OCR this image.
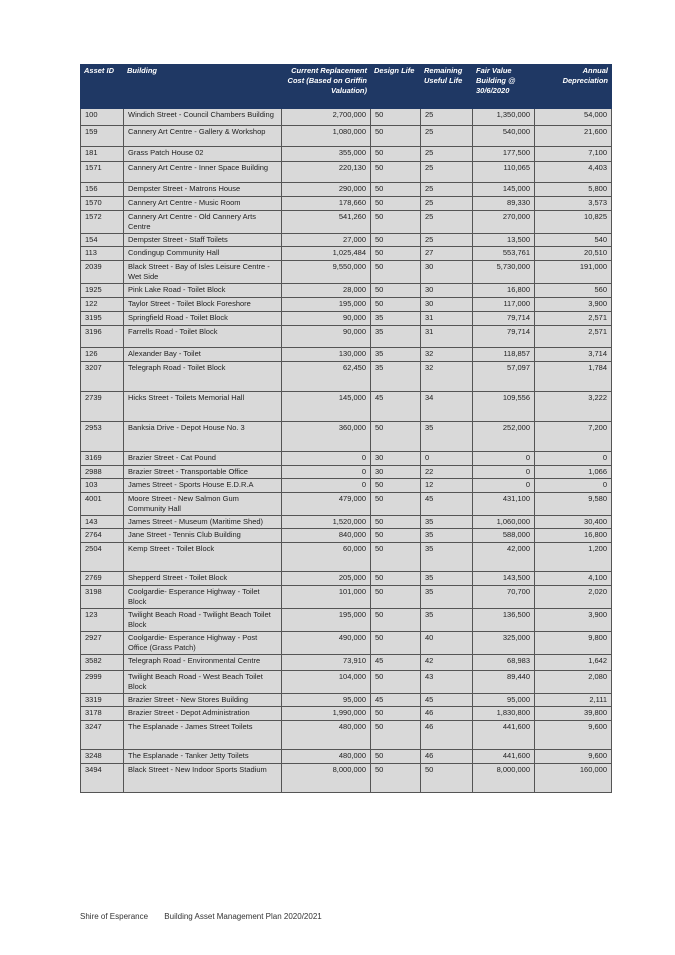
Asset ID	Building	Current Replacement Cost (Based on Griffin Valuation)	Design Life	Remaining Useful Life	Fair Value Building @ 30/6/2020	Annual Depreciation
100	Windich Street - Council Chambers Building	2,700,000	50	25	1,350,000	54,000
159	Cannery Art Centre - Gallery & Workshop	1,080,000	50	25	540,000	21,600
181	Grass Patch House 02	355,000	50	25	177,500	7,100
1571	Cannery Art Centre - Inner Space Building	220,130	50	25	110,065	4,403
156	Dempster Street - Matrons House	290,000	50	25	145,000	5,800
1570	Cannery Art Centre - Music Room	178,660	50	25	89,330	3,573
1572	Cannery Art Centre - Old Cannery Arts Centre	541,260	50	25	270,000	10,825
154	Dempster Street - Staff Toilets	27,000	50	25	13,500	540
113	Condingup Community Hall	1,025,484	50	27	553,761	20,510
2039	Black Street - Bay of Isles Leisure Centre - Wet Side	9,550,000	50	30	5,730,000	191,000
1925	Pink Lake Road - Toilet Block	28,000	50	30	16,800	560
122	Taylor Street - Toilet Block Foreshore	195,000	50	30	117,000	3,900
3195	Springfield Road - Toilet Block	90,000	35	31	79,714	2,571
3196	Farrells Road - Toilet Block	90,000	35	31	79,714	2,571
126	Alexander Bay - Toilet	130,000	35	32	118,857	3,714
3207	Telegraph Road - Toilet Block	62,450	35	32	57,097	1,784
2739	Hicks Street - Toilets Memorial Hall	145,000	45	34	109,556	3,222
2953	Banksia Drive - Depot House No. 3	360,000	50	35	252,000	7,200
3169	Brazier Street - Cat Pound	0	30	0	0	0
2988	Brazier Street - Transportable Office	0	30	22	0	1,066
103	James Street - Sports House E.D.R.A	0	50	12	0	0
4001	Moore Street - New Salmon Gum Community Hall	479,000	50	45	431,100	9,580
143	James Street - Museum (Maritime Shed)	1,520,000	50	35	1,060,000	30,400
2764	Jane Street - Tennis Club Building	840,000	50	35	588,000	16,800
2504	Kemp Street - Toilet Block	60,000	50	35	42,000	1,200
2769	Shepperd Street - Toilet Block	205,000	50	35	143,500	4,100
3198	Coolgardie- Esperance Highway - Toilet Block	101,000	50	35	70,700	2,020
123	Twilight Beach Road - Twilight Beach Toilet Block	195,000	50	35	136,500	3,900
2927	Coolgardie- Esperance Highway - Post Office (Grass Patch)	490,000	50	40	325,000	9,800
3582	Telegraph Road - Environmental Centre	73,910	45	42	68,983	1,642
2999	Twilight Beach Road - West Beach Toilet Block	104,000	50	43	89,440	2,080
3319	Brazier Street - New Stores Building	95,000	45	45	95,000	2,111
3178	Brazier Street - Depot Administration	1,990,000	50	46	1,830,800	39,800
3247	The Esplanade - James Street Toilets	480,000	50	46	441,600	9,600
3248	The Esplanade - Tanker Jetty Toilets	480,000	50	46	441,600	9,600
3494	Black Street - New Indoor Sports Stadium	8,000,000	50	50	8,000,000	160,000
Shire of Esperance Building Asset Management Plan 2020/2021
